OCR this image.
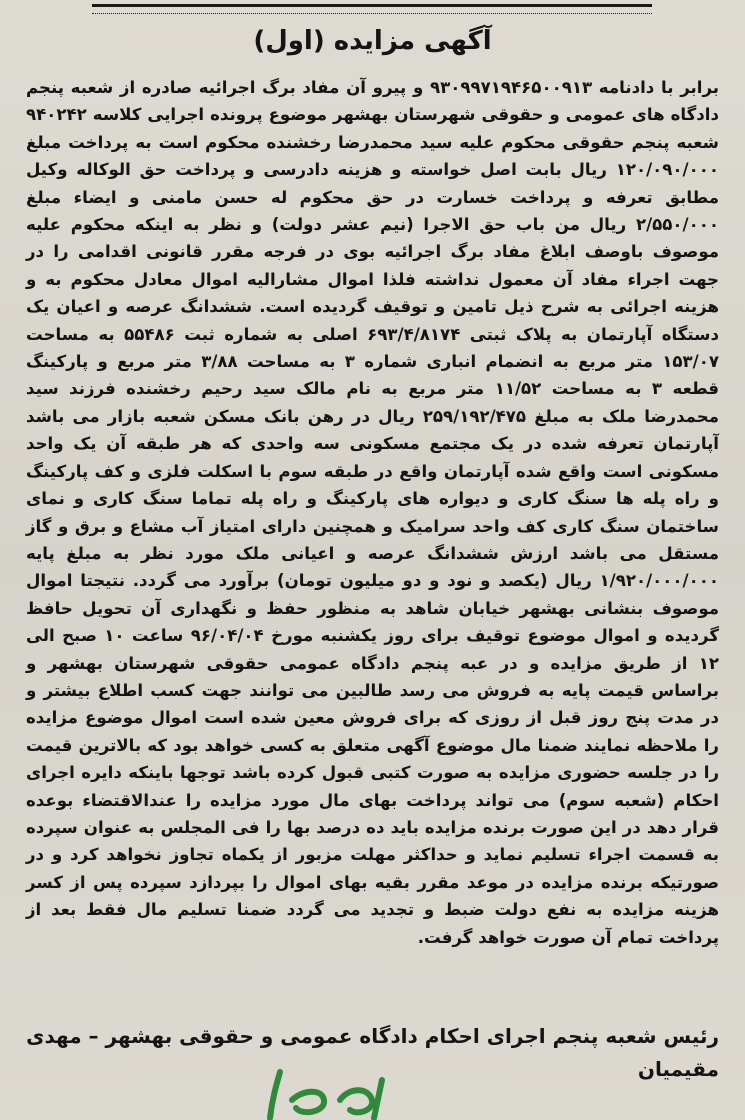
آگهی مزایده (اول)
برابر با دادنامه ۹۳۰۹۹۷۱۹۴۶۵۰۰۹۱۳ و پیرو آن مفاد برگ اجرائیه صادره از شعبه پنجم دادگاه های عمومی و حقوقی شهرستان بهشهر موضوع پرونده اجرایی کلاسه ۹۴۰۲۴۲ شعبه پنجم حقوقی محکوم علیه سید محمدرضا رخشنده محکوم است به پرداخت مبلغ ۱۲۰/۰۹۰/۰۰۰ ریال بابت اصل خواسته و هزینه دادرسی و پرداخت حق الوکاله وکیل مطابق تعرفه و پرداخت خسارت در حق محکوم له حسن مامنی و ایضاء مبلغ ۲/۵۵۰/۰۰۰ ریال من باب حق الاجرا (نیم عشر دولت) و نظر به اینکه محکوم علیه موصوف باوصف ابلاغ مفاد برگ اجرائیه بوی در فرجه مقرر قانونی اقدامی را در جهت اجراء مفاد آن معمول نداشته فلذا اموال مشاراليه اموال معادل محکوم به و هزینه اجرائی به شرح ذیل تامین و توقیف گردیده است. ششدانگ عرصه و اعیان یک دستگاه آپارتمان به پلاک ثبتی ۶۹۳/۴/۸۱۷۴ اصلی به شماره ثبت ۵۵۴۸۶ به مساحت ۱۵۳/۰۷ متر مربع به انضمام انباری شماره ۳ به مساحت ۳/۸۸ متر مربع و پارکینگ قطعه ۳ به مساحت ۱۱/۵۲ متر مربع به نام مالک سید رحیم رخشنده فرزند سید محمدرضا ملک به مبلغ ۲۵۹/۱۹۲/۴۷۵ ریال در رهن بانک مسکن شعبه بازار می باشد آپارتمان تعرفه شده در یک مجتمع مسکونی سه واحدی که هر طبقه آن یک واحد مسکونی است واقع شده آپارتمان واقع در طبقه سوم با اسکلت فلزی و کف پارکینگ و راه پله ها سنگ کاری و دیواره های پارکینگ و راه پله تماما سنگ کاری و نمای ساختمان سنگ کاری کف واحد سرامیک و همچنین دارای امتیاز آب مشاع و برق و گاز مستقل می باشد ارزش ششدانگ عرصه و اعیانی ملک مورد نظر به مبلغ پایه ۱/۹۲۰/۰۰۰/۰۰۰ ریال (یکصد و نود و دو میلیون تومان) برآورد می گردد. نتیجتا اموال موصوف بنشانی بهشهر خیابان شاهد به منظور حفظ و نگهداری آن تحویل حافظ گردیده و اموال موضوع توقیف برای روز یکشنبه مورخ ۹۶/۰۴/۰۴ ساعت ۱۰ صبح الی ۱۲ از طریق مزایده و در عبه پنجم دادگاه عمومی حقوقی شهرستان بهشهر و براساس قیمت پایه به فروش می رسد طالبین می توانند جهت کسب اطلاع بیشتر و در مدت پنج روز قبل از روزی که برای فروش معین شده است اموال موضوع مزایده را ملاحظه نمایند ضمنا مال موضوع آگهی متعلق به کسی خواهد بود که بالاترین قیمت را در جلسه حضوری مزایده به صورت کتبی قبول کرده باشد توجها باینکه دایره اجرای احکام (شعبه سوم) می تواند پرداخت بهای مال مورد مزایده را عندالاقتضاء بوعده قرار دهد در این صورت برنده مزایده باید ده درصد بها را فی المجلس به عنوان سپرده به قسمت اجراء تسلیم نماید و حداکثر مهلت مزبور از یکماه تجاوز نخواهد کرد و در صورتیکه برنده مزایده در موعد مقرر بقیه بهای اموال را بپردازد سپرده پس از کسر هزینه مزایده به نفع دولت ضبط و تجدید می گردد ضمنا تسلیم مال فقط بعد از پرداخت تمام آن صورت خواهد گرفت.
رئیس شعبه پنجم اجرای احکام دادگاه عمومی و حقوقی بهشهر – مهدی مقیمیان
